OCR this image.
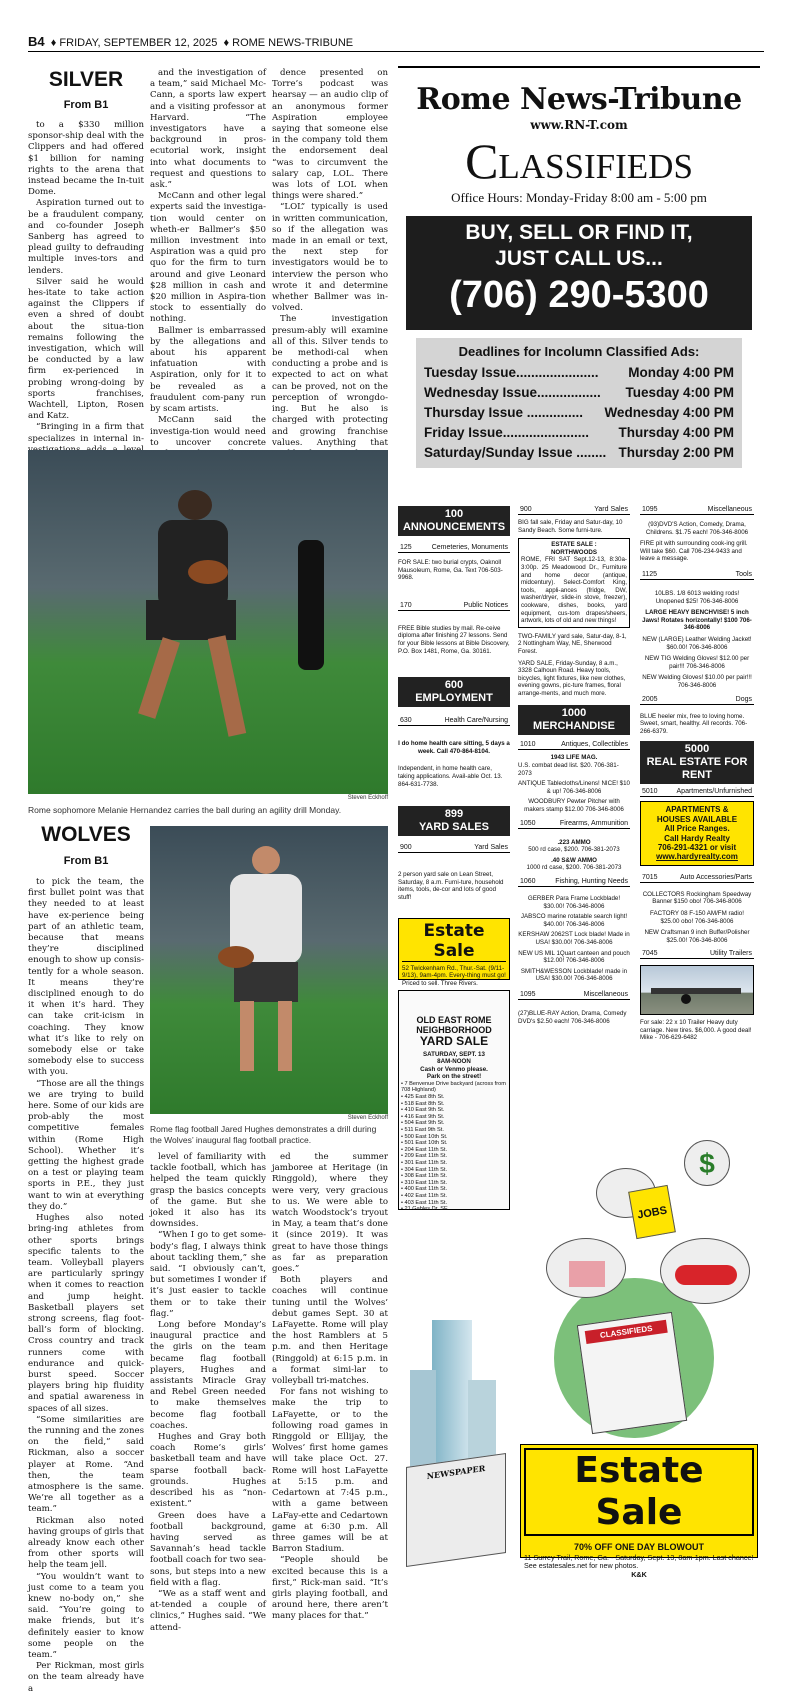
B4  ♦ FRIDAY, SEPTEMBER 12, 2025  ♦ ROME NEWS-TRIBUNE
SILVER
From B1

to a $330 million sponsor-ship deal with the Clippers and had offered $1 billion for naming rights to the arena that instead became the In-tuit Dome.

Aspiration turned out to be a fraudulent company, and co-founder Joseph Sanberg has agreed to plead guilty to defrauding multiple inves-tors and lenders.

Silver said he would hes-itate to take action against the Clippers if even a shred of doubt about the situa-tion remains following the investigation, which will be conducted by a law firm ex-perienced in probing wrong-doing by sports franchises, Wachtell, Lipton, Rosen and Katz.

“Bringing in a firm that specializes in internal in-

and the investigation of a team,” said Michael Mc-Cann, a sports law expert and a visiting professor at Harvard. “The investigators have a background in pros-ecutorial work, insight into what documents to request and questions to ask.”

McCann and other legal experts said the investiga-tion would center on wheth-er Ballmer’s $50 million investment into Aspiration was a quid pro quo for the firm to turn around and give Leonard $28 million in cash and $20 million in Aspira-tion stock to essentially do nothing.

Ballmer is embarrassed by the allegations and about his apparent infatuation with Aspiration, only for it to be revealed as a fraudulent com-pany run by scam artists.

McCann said the investiga-tion would need to uncover concrete

dence presented on Torre’s podcast was hearsay — an audio clip of an anonymous former Aspiration employee saying that someone else in the company told them the endorsement deal “was to circumvent the salary cap, LOL. There was lots of LOL when things were shared.”

“LOL” typically is used in written communication, so if the allegation was made in an email or text, the next step for investigators would be to interview the person who wrote it and determine whether Ballmer was in-volved.

The investigation presum-ably will examine all of this. Silver tends to be methodi-cal when conducting a probe and is expected to act on what can be proved, not on the perception of wrongdo-ing. But he also is charged with protecting and growing franchise values. Anything that

Steven Eckhoff
Rome sophomore Melanie Hernandez carries the ball during an agility drill Monday.
WOLVES
From B1

to pick the team, the first bullet point was that they needed to at least have ex-perience being part of an athletic team, because that means they’re disciplined enough to show up consis-tently for a whole season. It means they’re disciplined enough to do it when it’s hard. They can take crit-icism in coaching. They know what it’s like to rely on somebody else or take somebody else to success with you.

“Those are all the things we are trying to build here. Some of our kids are prob-ably the most competitive females within (Rome High School). Whether it’s getting the highest grade on a test or playing team sports in P.E., they just want to win at everything they do.”

Hughes also noted bring-ing athletes from other sports brings specific talents to the team. Volleyball players are particularly springy when it comes to reaction and jump height. Basketball players set strong screens, flag foot-ball’s form of blocking. Cross country and track runners come with endurance and quick-burst speed. Soccer players bring hip fluidity and spatial awareness in spaces of all sizes.

“Some similarities are the running and the zones on the field,” said Rickman, also a soccer player at Rome. “And then, the team atmosphere is the same. We’re all together as a team.”

Rickman also noted having groups of girls that already know each other from other sports will help the team jell.

“You wouldn’t want to just come to a team you knew no-body on,” she said. “You’re going to make friends, but it’s definitely easier to know some people on the team.”

Per Rickman, most girls on the team already have a

Steven Eckhoff
Rome flag football Jared Hughes demonstrates a drill during the Wolves’ inaugural flag football practice.

level of familiarity with tackle football, which has helped the team quickly grasp the basics concepts of the game. But she joked it also has its downsides.

“When I go to get some-body’s flag, I always think about tackling them,” she said. “I obviously can’t, but sometimes I wonder if it’s just easier to tackle them or to take their flag.”

Long before Monday’s inaugural practice and the girls on the team became flag football players, Hughes and assistants Miracle Gray and Rebel Green needed to make themselves become flag football coaches.

Hughes and Gray both coach Rome’s girls’ basketball team and have sparse football back-grounds. Hughes described his as “non-existent.”

Green does have a football background, having served as Savannah’s head tackle football coach for two sea-sons, but steps into a new field with a flag.

“We as a staff went and at-tended a couple of clinics,” Hughes said. “We attend-

ed the summer jamboree at Heritage (in Ringgold), where they were very, very gracious to us. We were able to watch Woodstock’s tryout in May, a team that’s done it (since 2019). It was great to have those things as far as preparation goes.”

Both players and coaches will continue tuning until the Wolves’ debut games Sept. 30 at LaFayette. Rome will play the host Ramblers at 5 p.m. and then Heritage (Ringgold) at 6:15 p.m. in a format simi-lar to volleyball tri-matches.

For fans not wishing to make the trip to LaFayette, or to the following road games in Ringgold or Ellijay, the Wolves’ first home games will take place Oct. 27. Rome will host LaFayette at 5:15 p.m. and Cedartown at 7:45 p.m., with a game between LaFay-ette and Cedartown game at 6:30 p.m. All three games will be at Barron Stadium.

“People should be excited because this is a first,” Rick-man said. “It’s girls playing football, and around here, there aren’t many places for that.”

Rome News-Tribune
www.RN-T.com
Classifieds
Office Hours: Monday-Friday 8:00 am - 5:00 pm
BUY, SELL OR FIND IT,
JUST CALL US...
(706) 290-5300
Deadlines for Incolumn Classified Ads:
Tuesday Issue...................... Monday 4:00 PM
Wednesday Issue................. Tuesday 4:00 PM
Thursday Issue ............... Wednesday 4:00 PM
Friday Issue....................... Thursday 4:00 PM
Saturday/Sunday Issue ........ Thursday 2:00 PM
100
ANNOUNCEMENTS
125	Cemeteries, Monuments
FOR SALE: two burial crypts, Oaknoll Mausoleum, Rome, Ga. Text 706-503-9968.
170	Public Notices
FREE Bible studies by mail. Re-ceive diploma after finishing 27 lessons. Send for your Bible lessons at Bible Discovery, P.O. Box 1481, Rome, Ga. 30161.
600
EMPLOYMENT
630	Health Care/Nursing
I do home health care sitting, 5 days a week. Call 470-864-8104.
Independent, in home health care, taking applications. Avail-able Oct. 13. 864-631-7738.
899
YARD SALES
900	Yard Sales
2 person yard sale on Lean Street, Saturday, 8 a.m. Furni-ture, household items, tools, de-cor and lots of good stuff!
Estate Sale
52 Twickenham Rd., Thur.-Sat. (9/11-9/13), 9am-4pm. Every-thing must go! Priced to sell. Three Rivers.
OLD EAST ROME
NEIGHBORHOOD
YARD SALE
SATURDAY, SEPT. 13
8AM-NOON
Cash or Venmo please.
Park on the street!
• 7 Benvenue Drive backyard (across from 708 Highland)
• 425 East 8th St.
• 518 East 8th St.
• 410 East 9th St.
• 416 East 9th St.
• 504 East 9th St.
• 511 East 9th St.
• 500 East 10th St.
• 501 East 10th St.
• 204 East 11th St.
• 209 East 11th St.
• 301 East 11th St.
• 304 East 11th St.
• 308 East 11th St.
• 310 East 11th St.
• 400 East 11th St.
• 402 East 11th St.
• 403 East 11th St.
• 21 Gables Dr. SE
900	Yard Sales
BIG fall sale, Friday and Satur-day, 10 Sandy Beach. Some furni-ture.
ESTATE SALE :
NORTHWOODS
ROME, FRI SAT Sept.12-13, 8:30a-3:00p. 25 Meadowood Dr., Furniture and home decor (antique, midcentury). Select-Comfort King, tools, appli-ances (fridge, DW, washer/dryer, slide-in stove, freezer), cookware, dishes, books, yard equipment, cus-tom drapes/sheers, artwork, lots of old and new things!
TWO-FAMILY yard sale, Satur-day, 8-1, 2 Nottingham Way, NE, Sherwood Forest.
YARD SALE, Friday-Sunday, 8 a.m., 3328 Calhoun Road. Heavy tools, bicycles, light fixtures, like new clothes, evening gowns, pic-ture frames, floral arrange-ments, and much more.
1000
MERCHANDISE
1010	Antiques, Collectibles
1943 LIFE MAG.
U.S. combat dead list. $20. 706-381-2073
ANTIQUE Tablecloths/Linens! NICE! $10 & up! 706-346-8006
WOODBURY Pewter Pitcher with makers stamp $12.00 706-346-8006
1050	Firearms, Ammunition
.223 AMMO
500 rd case, $200. 706-381-2073
.40 S&W AMMO
1000 rd case, $200. 706-381-2073
1060	Fishing, Hunting Needs
GERBER Para Frame Lockblade! $30.00! 706-346-8006
JABSCO marine rotatable search light! $40.00! 706-346-8006
KERSHAW 2062ST Lock blade! Made in USA! $30.00! 706-346-8006
NEW US MIL 1Quart canteen and pouch $12.00! 706-346-8006
SMITH&WESSON Lockblade! made in USA! $30.00! 706-346-8006
1095	Miscellaneous
(27)BLUE-RAY Action, Drama, Comedy DVD's $2.50 each! 706-346-8006
1095	Miscellaneous
(93)DVD'S Action, Comedy, Drama, Childrens. $1.75 each! 706-346-8006
FIRE pit with surrounding cook-ing grill. Will take $60. Call 706-234-9433 and leave a message.
1125	Tools
10LBS. 1/8 6013 welding rods! Unopened $25! 706-346-8006
LARGE HEAVY BENCHVISE! 5 inch Jaws! Rotates horizontally! $100 706-346-8006
NEW (LARGE) Leather Welding Jacket! $60.00! 706-346-8006
NEW TIG Welding Gloves! $12.00 per pair!!! 706-346-8006
NEW Welding Gloves! $10.00 per pair!!! 706-346-8006
2005	Dogs
BLUE heeler mix, free to loving home. Sweet, smart, healthy. All records. 706-266-6379.
5000
REAL ESTATE FOR RENT
5010	Apartments/Unfurnished
APARTMENTS &
HOUSES AVAILABLE
All Price Ranges.
Call Hardy Realty
706-291-4321 or visit
www.hardyrealty.com
7015	Auto Accessories/Parts
COLLECTORS Rockingham Speedway Banner $150 obo! 706-346-8006
FACTORY 08 F-150 AM/FM radio! $25.00 obo! 706-346-8006
NEW Craftsman 9 inch Buffer/Polisher $25.00! 706-346-8006
7045	Utility Trailers
For sale: 22 x 10 Trailer Heavy duty carriage. New tires. $6,000. A good deal! Mike - 706-629-6482
JOBS
$
CLASSIFIEDS
NEWSPAPER	Estate Sale
70% OFF ONE DAY BLOWOUT
11 Surrey Trail, Rome, Ga. - Saturday, Sept. 13, 8am-1pm. Last chance! See estatesales.net for new photos.
K&K
